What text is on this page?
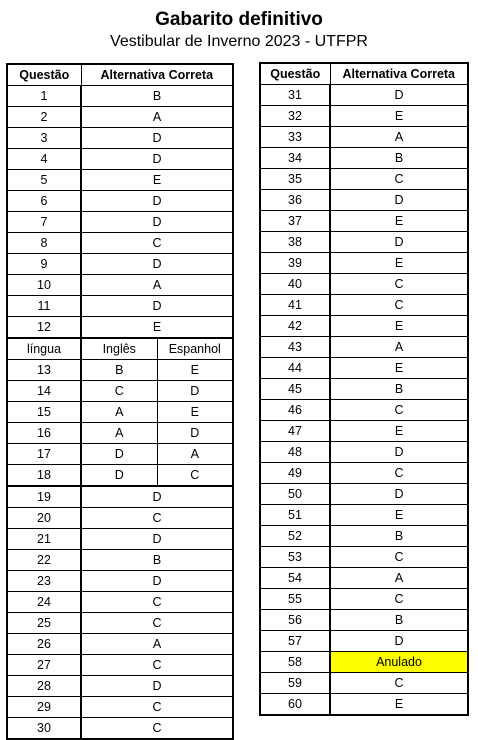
Gabarito definitivo
Vestibular de Inverno 2023 - UTFPR
Questão	Alternativa Correta	
1	B	
2	A	
3	D	
4	D	
5	E	
6	D	
7	D	
8	C	
9	D	
10	A	
11	D	
12	E	
língua	Inglês	Espanhol
13	B	E
14	C	D
15	A	E
16	A	D
17	D	A
18	D	C
19	D	
20	C	
21	D	
22	B	
23	D	
24	C	
25	C	
26	A	
27	C	
28	D	
29	C	
30	C	
Questão	Alternativa Correta
31	D
32	E
33	A
34	B
35	C
36	D
37	E
38	D
39	E
40	C
41	C
42	E
43	A
44	E
45	B
46	C
47	E
48	D
49	C
50	D
51	E
52	B
53	C
54	A
55	C
56	B
57	D
58	Anulado
59	C
60	E
